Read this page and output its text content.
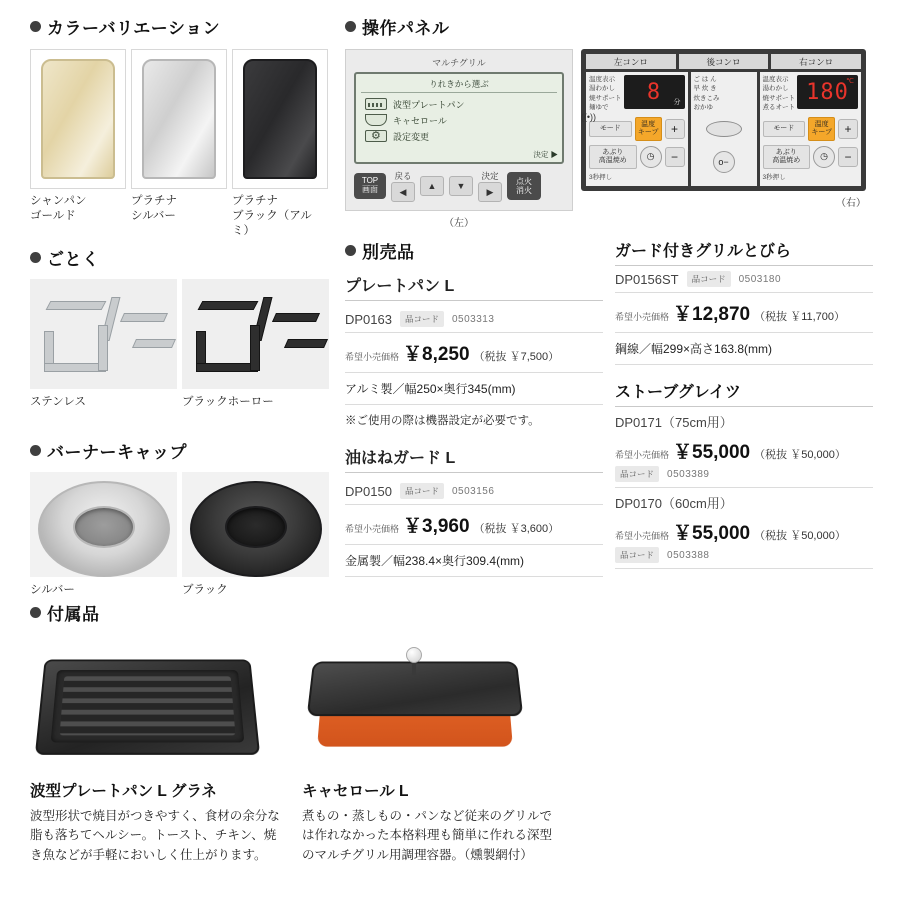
カラーバリエーション
シャンパン
ゴールド
プラチナ
シルバー
プラチナ
ブラック（アルミ）
ごとく
ステンレス	ブラックホーロー
バーナーキャップ
シルバー	ブラック
操作パネル
マルチグリル
りれきから選ぶ
波型プレートパン
キャセロール
⚙
設定変更
決定 ▶
((•))
TOP
画面
戻る
◀
▲	▼
決定
▶
点火
消火
（左）
左コンロ	後コンロ	右コンロ
温度表示
湯わかし
焼サポート
麺ゆで
8 分
モード
温度
キープ	+
あぶり
高温焼め	◷	−
3秒押し
ご は ん
早 炊 き
炊きこみ
おかゆ
o−
温度表示
湯わかし
焼サポート
煮るオート
180
℃
モード
温度
キープ	+
あぶり
高温焼め	◷	−
3秒押し
（右）
別売品
プレートパン L
DP0163	品コード	0503313
希望小売価格 ￥8,250 （税抜 ￥7,500）
アルミ製／幅250×奥行345(mm)
※ご使用の際は機器設定が必要です。
油はねガード L
DP0150	品コード	0503156
希望小売価格 ￥3,960 （税抜 ￥3,600）
金属製／幅238.4×奥行309.4(mm)
ガード付きグリルとびら
DP0156ST	品コード	0503180
希望小売価格 ￥12,870 （税抜 ￥11,700）
鋼線／幅299×高さ163.8(mm)
ストーブグレイツ
DP0171（75cm用）
希望小売価格 ￥55,000 （税抜 ￥50,000）
品コード	0503389
DP0170（60cm用）
希望小売価格 ￥55,000 （税抜 ￥50,000）
品コード	0503388
付属品
波型プレートパン L グラネ
波型形状で焼目がつきやすく、食材の余分な脂も落ちてヘルシー。トースト、チキン、焼き魚などが手軽においしく仕上がります。
キャセロール L
煮もの・蒸しもの・パンなど従来のグリルでは作れなかった本格料理も簡単に作れる深型のマルチグリル用調理容器。（燻製網付）
